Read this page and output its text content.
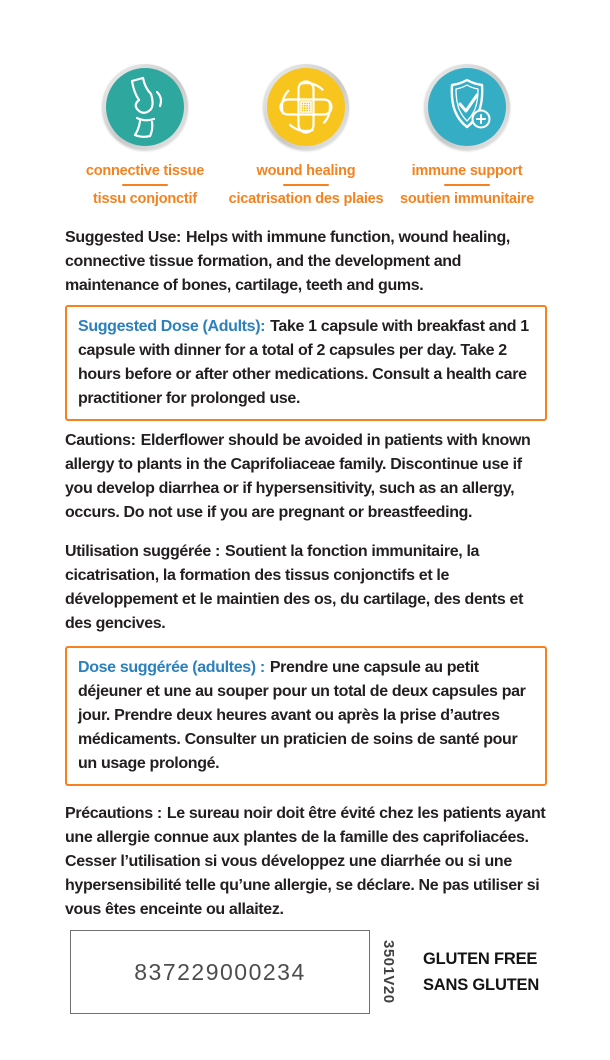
connective tissue
tissu conjonctif
wound healing
cicatrisation des plaies
immune support
soutien immunitaire

Suggested Use: Helps with immune function, wound healing, connective tissue formation, and the development and maintenance of bones, cartilage, teeth and gums.

Suggested Dose (Adults): Take 1 capsule with breakfast and 1 capsule with dinner for a total of 2 capsules per day. Take 2 hours before or after other medications. Consult a health care practitioner for prolonged use.

Cautions: Elderflower should be avoided in patients with known allergy to plants in the Caprifoliaceae family. Discontinue use if you develop diarrhea or if hypersensitivity, such as an allergy, occurs. Do not use if you are pregnant or breastfeeding.

Utilisation suggérée : Soutient la fonction immunitaire, la cicatrisation, la formation des tissus conjonctifs et le développement et le maintien des os, du cartilage, des dents et des gencives.

Dose suggérée (adultes) : Prendre une capsule au petit déjeuner et une au souper pour un total de deux capsules par jour. Prendre deux heures avant ou après la prise d’autres médicaments. Consulter un praticien de soins de santé pour un usage prolongé.

Précautions : Le sureau noir doit être évité chez les patients ayant une allergie connue aux plantes de la famille des caprifoliacées. Cesser l’utilisation si vous développez une diarrhée ou si une hypersensibilité telle qu’une allergie, se déclare. Ne pas utiliser si vous êtes enceinte ou allaitez.

837229000234	3501V20 GLUTEN FREE
SANS GLUTEN
